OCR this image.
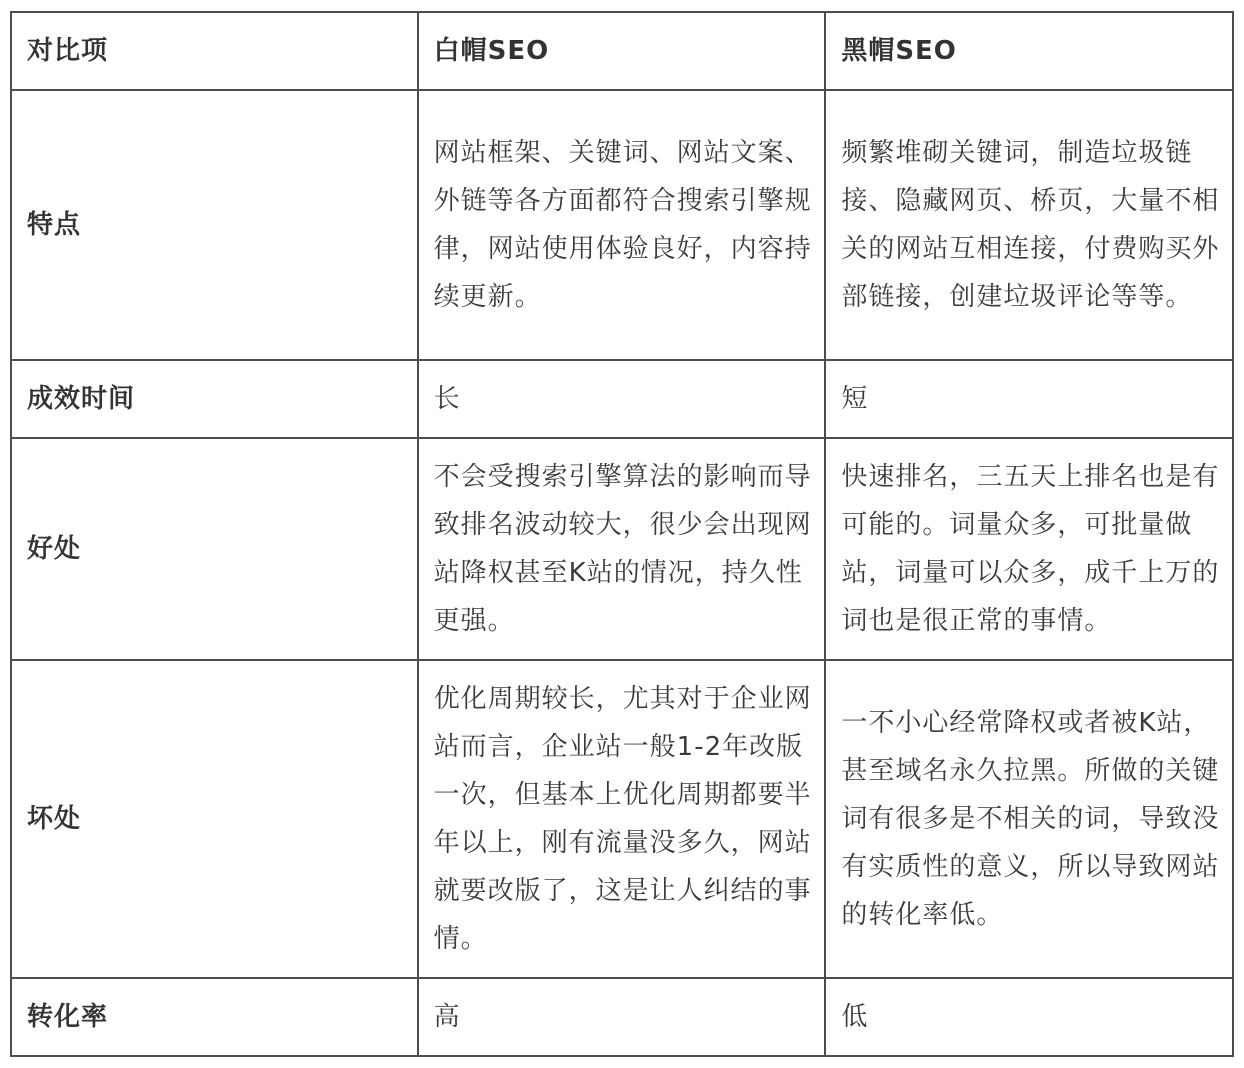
对比项	白帽SEO	黑帽SEO
特点	网站框架、关键词、网站文案、外链等各方面都符合搜索引擎规律，网站使用体验良好，内容持续更新。	频繁堆砌关键词，制造垃圾链接、隐藏网页、桥页，大量不相关的网站互相连接，付费购买外部链接，创建垃圾评论等等。
成效时间	长	短
好处	不会受搜索引擎算法的影响而导致排名波动较大，很少会出现网站降权甚至K站的情况，持久性更强。	快速排名，三五天上排名也是有可能的。词量众多，可批量做站，词量可以众多，成千上万的词也是很正常的事情。
坏处	优化周期较长，尤其对于企业网站而言，企业站一般1-2年改版一次，但基本上优化周期都要半年以上，刚有流量没多久，网站就要改版了，这是让人纠结的事情。	一不小心经常降权或者被K站，甚至域名永久拉黑。所做的关键词有很多是不相关的词，导致没有实质性的意义，所以导致网站的转化率低。
转化率	高	低
